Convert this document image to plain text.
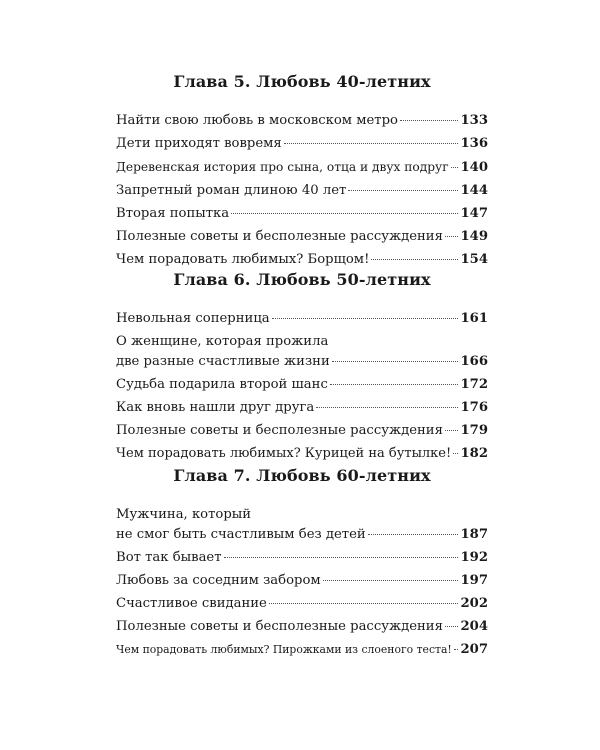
Глава 5. Любовь 40-летних
Найти свою любовь в московском метро	133
Дети приходят вовремя	136
Деревенская история про сына, отца и двух подруг 140
Запретный роман длиною 40 лет	144
Вторая попытка	147
Полезные советы и бесполезные рассуждения 149
Чем порадовать любимых? Борщом!	154
Глава 6. Любовь 50-летних
Невольная соперница	161
О женщине, которая прожила
две разные счастливые жизни	166
Судьба подарила второй шанс	172
Как вновь нашли друг друга	176
Полезные советы и бесполезные рассуждения 179
Чем порадовать любимых? Курицей на бутылке! 182
Глава 7. Любовь 60-летних
Мужчина, который
не смог быть счастливым без детей	187
Вот так бывает	192
Любовь за соседним забором	197
Счастливое свидание	202
Полезные советы и бесполезные рассуждения 204
Чем порадовать любимых? Пирожками из слоеного теста! 207
